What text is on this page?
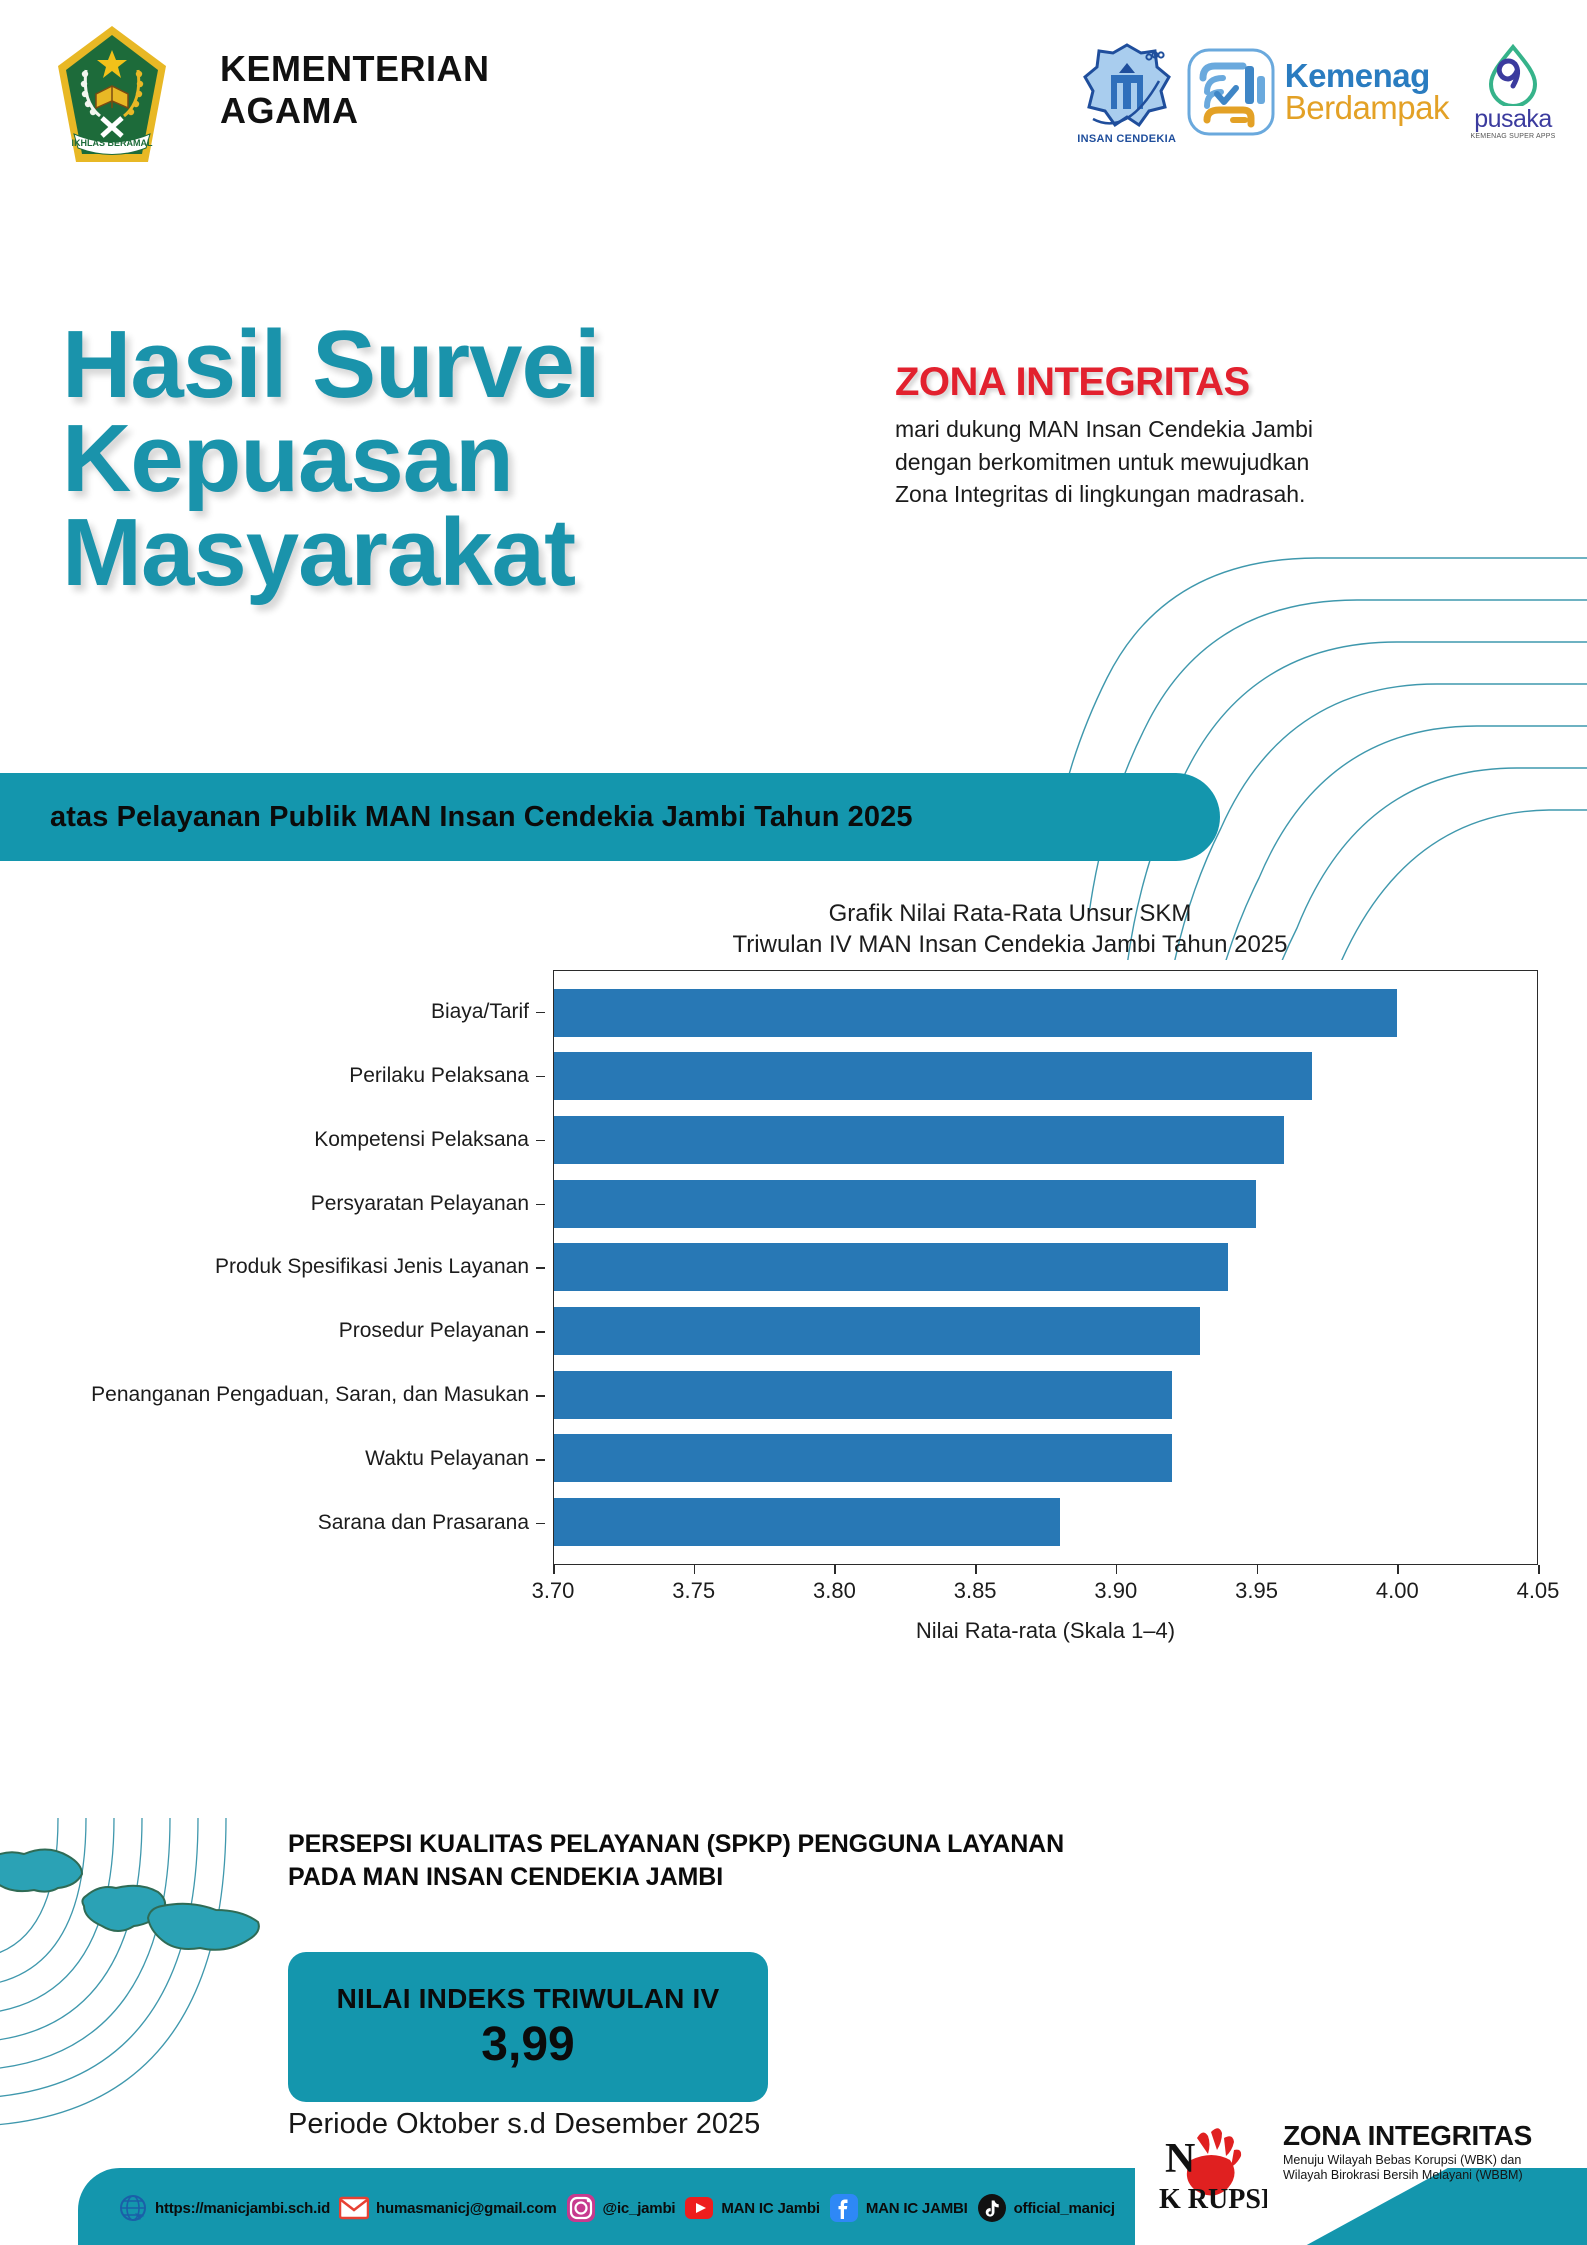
IKHLAS BERAMAL
KEMENTERIAN
AGAMA
INSAN CENDEKIA
Kemenag
Berdampak	pusaka
KEMENAG SUPER APPS
Hasil Survei
Kepuasan
Masyarakat
ZONA INTEGRITAS
mari dukung MAN Insan Cendekia Jambi
dengan berkomitmen untuk mewujudkan
Zona Integritas di lingkungan madrasah.
atas Pelayanan Publik MAN Insan Cendekia Jambi Tahun 2025
Grafik Nilai Rata-Rata Unsur SKM
Triwulan IV MAN Insan Cendekia Jambi Tahun 2025
Biaya/Tarif
Perilaku Pelaksana
Kompetensi Pelaksana
Persyaratan Pelayanan
Produk Spesifikasi Jenis Layanan
Prosedur Pelayanan
Penanganan Pengaduan, Saran, dan Masukan
Waktu Pelayanan
Sarana dan Prasarana
3.70	3.75	3.80	3.85	3.90	3.95	4.00	4.05
Nilai Rata-rata (Skala 1–4)
PERSEPSI KUALITAS PELAYANAN (SPKP) PENGGUNA LAYANAN
PADA MAN INSAN CENDEKIA JAMBI
NILAI INDEKS TRIWULAN IV
3,99
Periode Oktober s.d Desember 2025
https://manicjambi.sch.id	humasmanicj@gmail.com	@ic_jambi	MAN IC Jambi	MAN IC JAMBI	official_manicj
N
K RUPSI
ZONA INTEGRITAS
Menuju Wilayah Bebas Korupsi (WBK) dan
Wilayah Birokrasi Bersih Melayani (WBBM)
